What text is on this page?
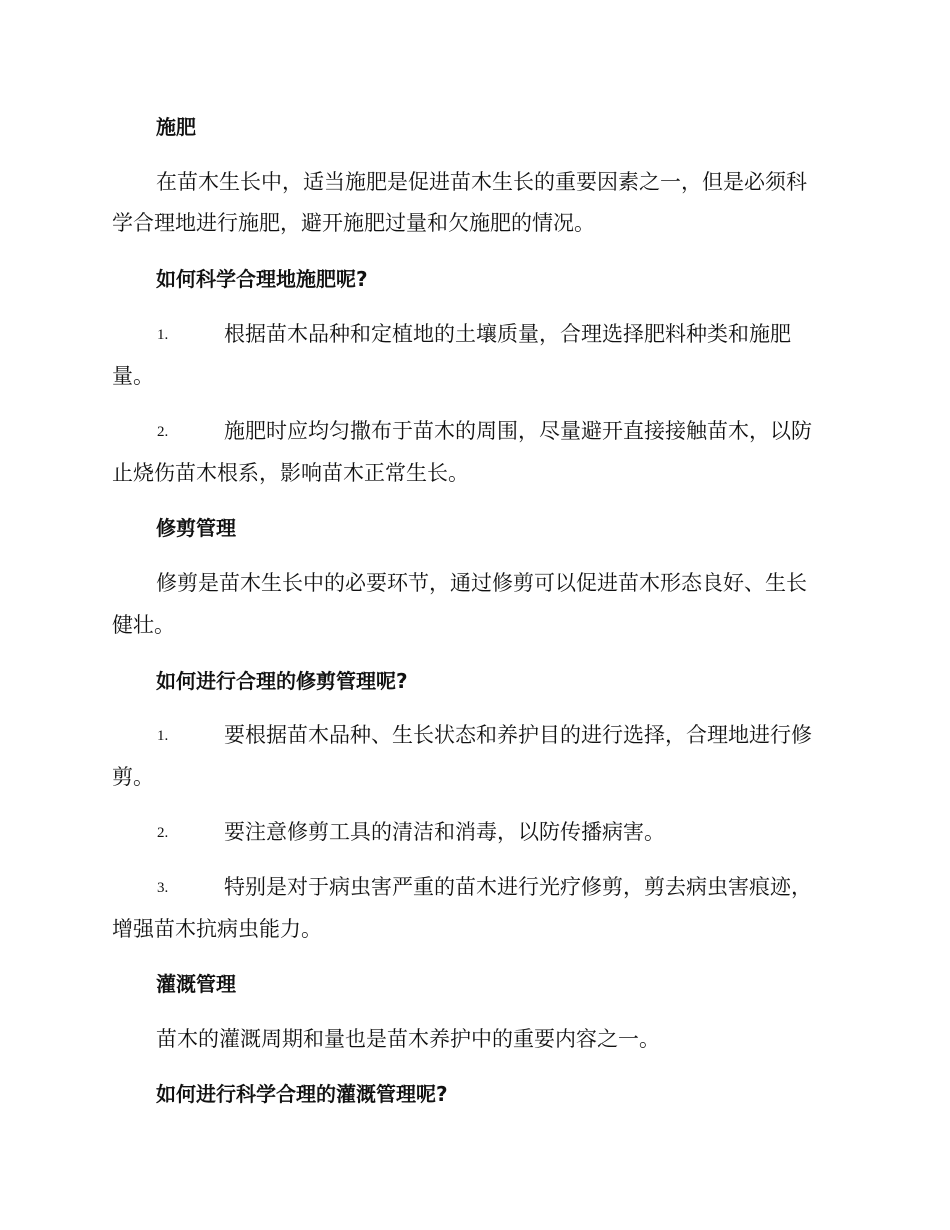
施肥
在苗木生长中，适当施肥是促进苗木生长的重要因素之一，但是必须科
学合理地进行施肥，避开施肥过量和欠施肥的情况。
如何科学合理地施肥呢?
1.	根据苗木品种和定植地的土壤质量，合理选择肥料种类和施肥
量。
2.	施肥时应均匀撒布于苗木的周围，尽量避开直接接触苗木，以防
止烧伤苗木根系，影响苗木正常生长。
修剪管理
修剪是苗木生长中的必要环节，通过修剪可以促进苗木形态良好、生长
健壮。
如何进行合理的修剪管理呢?
1.	要根据苗木品种、生长状态和养护目的进行选择，合理地进行修
剪。
2.	要注意修剪工具的清洁和消毒，以防传播病害。
3.	特别是对于病虫害严重的苗木进行光疗修剪，剪去病虫害痕迹，
增强苗木抗病虫能力。
灌溉管理
苗木的灌溉周期和量也是苗木养护中的重要内容之一。
如何进行科学合理的灌溉管理呢?
